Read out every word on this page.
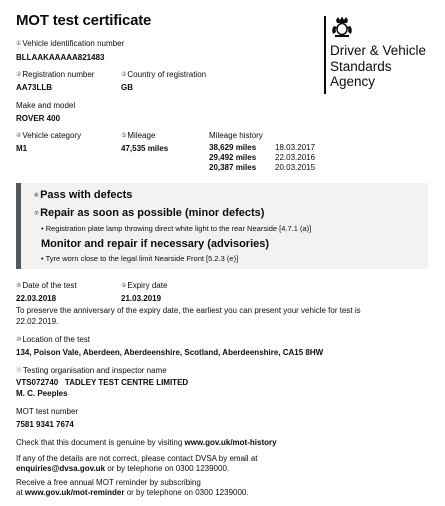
MOT test certificate
Driver & Vehicle
Standards
Agency
①Vehicle identification number
BLLAAKAAAAA821483
②Registration number
AA73LLB
③Country of registration
GB
Make and model
ROVER 400
④Vehicle category
M1
⑤Mileage
47,535 miles
Mileage history
38,629 miles	18.03.2017
29,492 miles	22.03.2016
20,387 miles	20.03.2015
⑥Pass with defects
⑦Repair as soon as possible (minor defects)
• Registration plate lamp throwing direct white light to the rear Nearside [4.7.1 (a)]
Monitor and repair if necessary (advisories)
• Tyre worn close to the legal limit Nearside Front [5.2.3 (e)]
⑧Date of the test
22.03.2018
⑨Expiry date
21.03.2019
To preserve the anniversary of the expiry date, the earliest you can present your vehicle for test is
22.02.2019.
⑩Location of the test
134, Poison Vale, Aberdeen, Aberdeenshire, Scotland, Aberdeenshire, CA15 8HW
⑪Testing organisation and inspector name
VTS072740   TADLEY TEST CENTRE LIMITED
M. C. Peeples
MOT test number
7581 9341 7674
Check that this document is genuine by visiting www.gov.uk/mot-history
If any of the details are not correct, please contact DVSA by email at
enquiries@dvsa.gov.uk or by telephone on 0300 1239000.
Receive a free annual MOT reminder by subscribing
at www.gov.uk/mot-reminder or by telephone on 0300 1239000.
